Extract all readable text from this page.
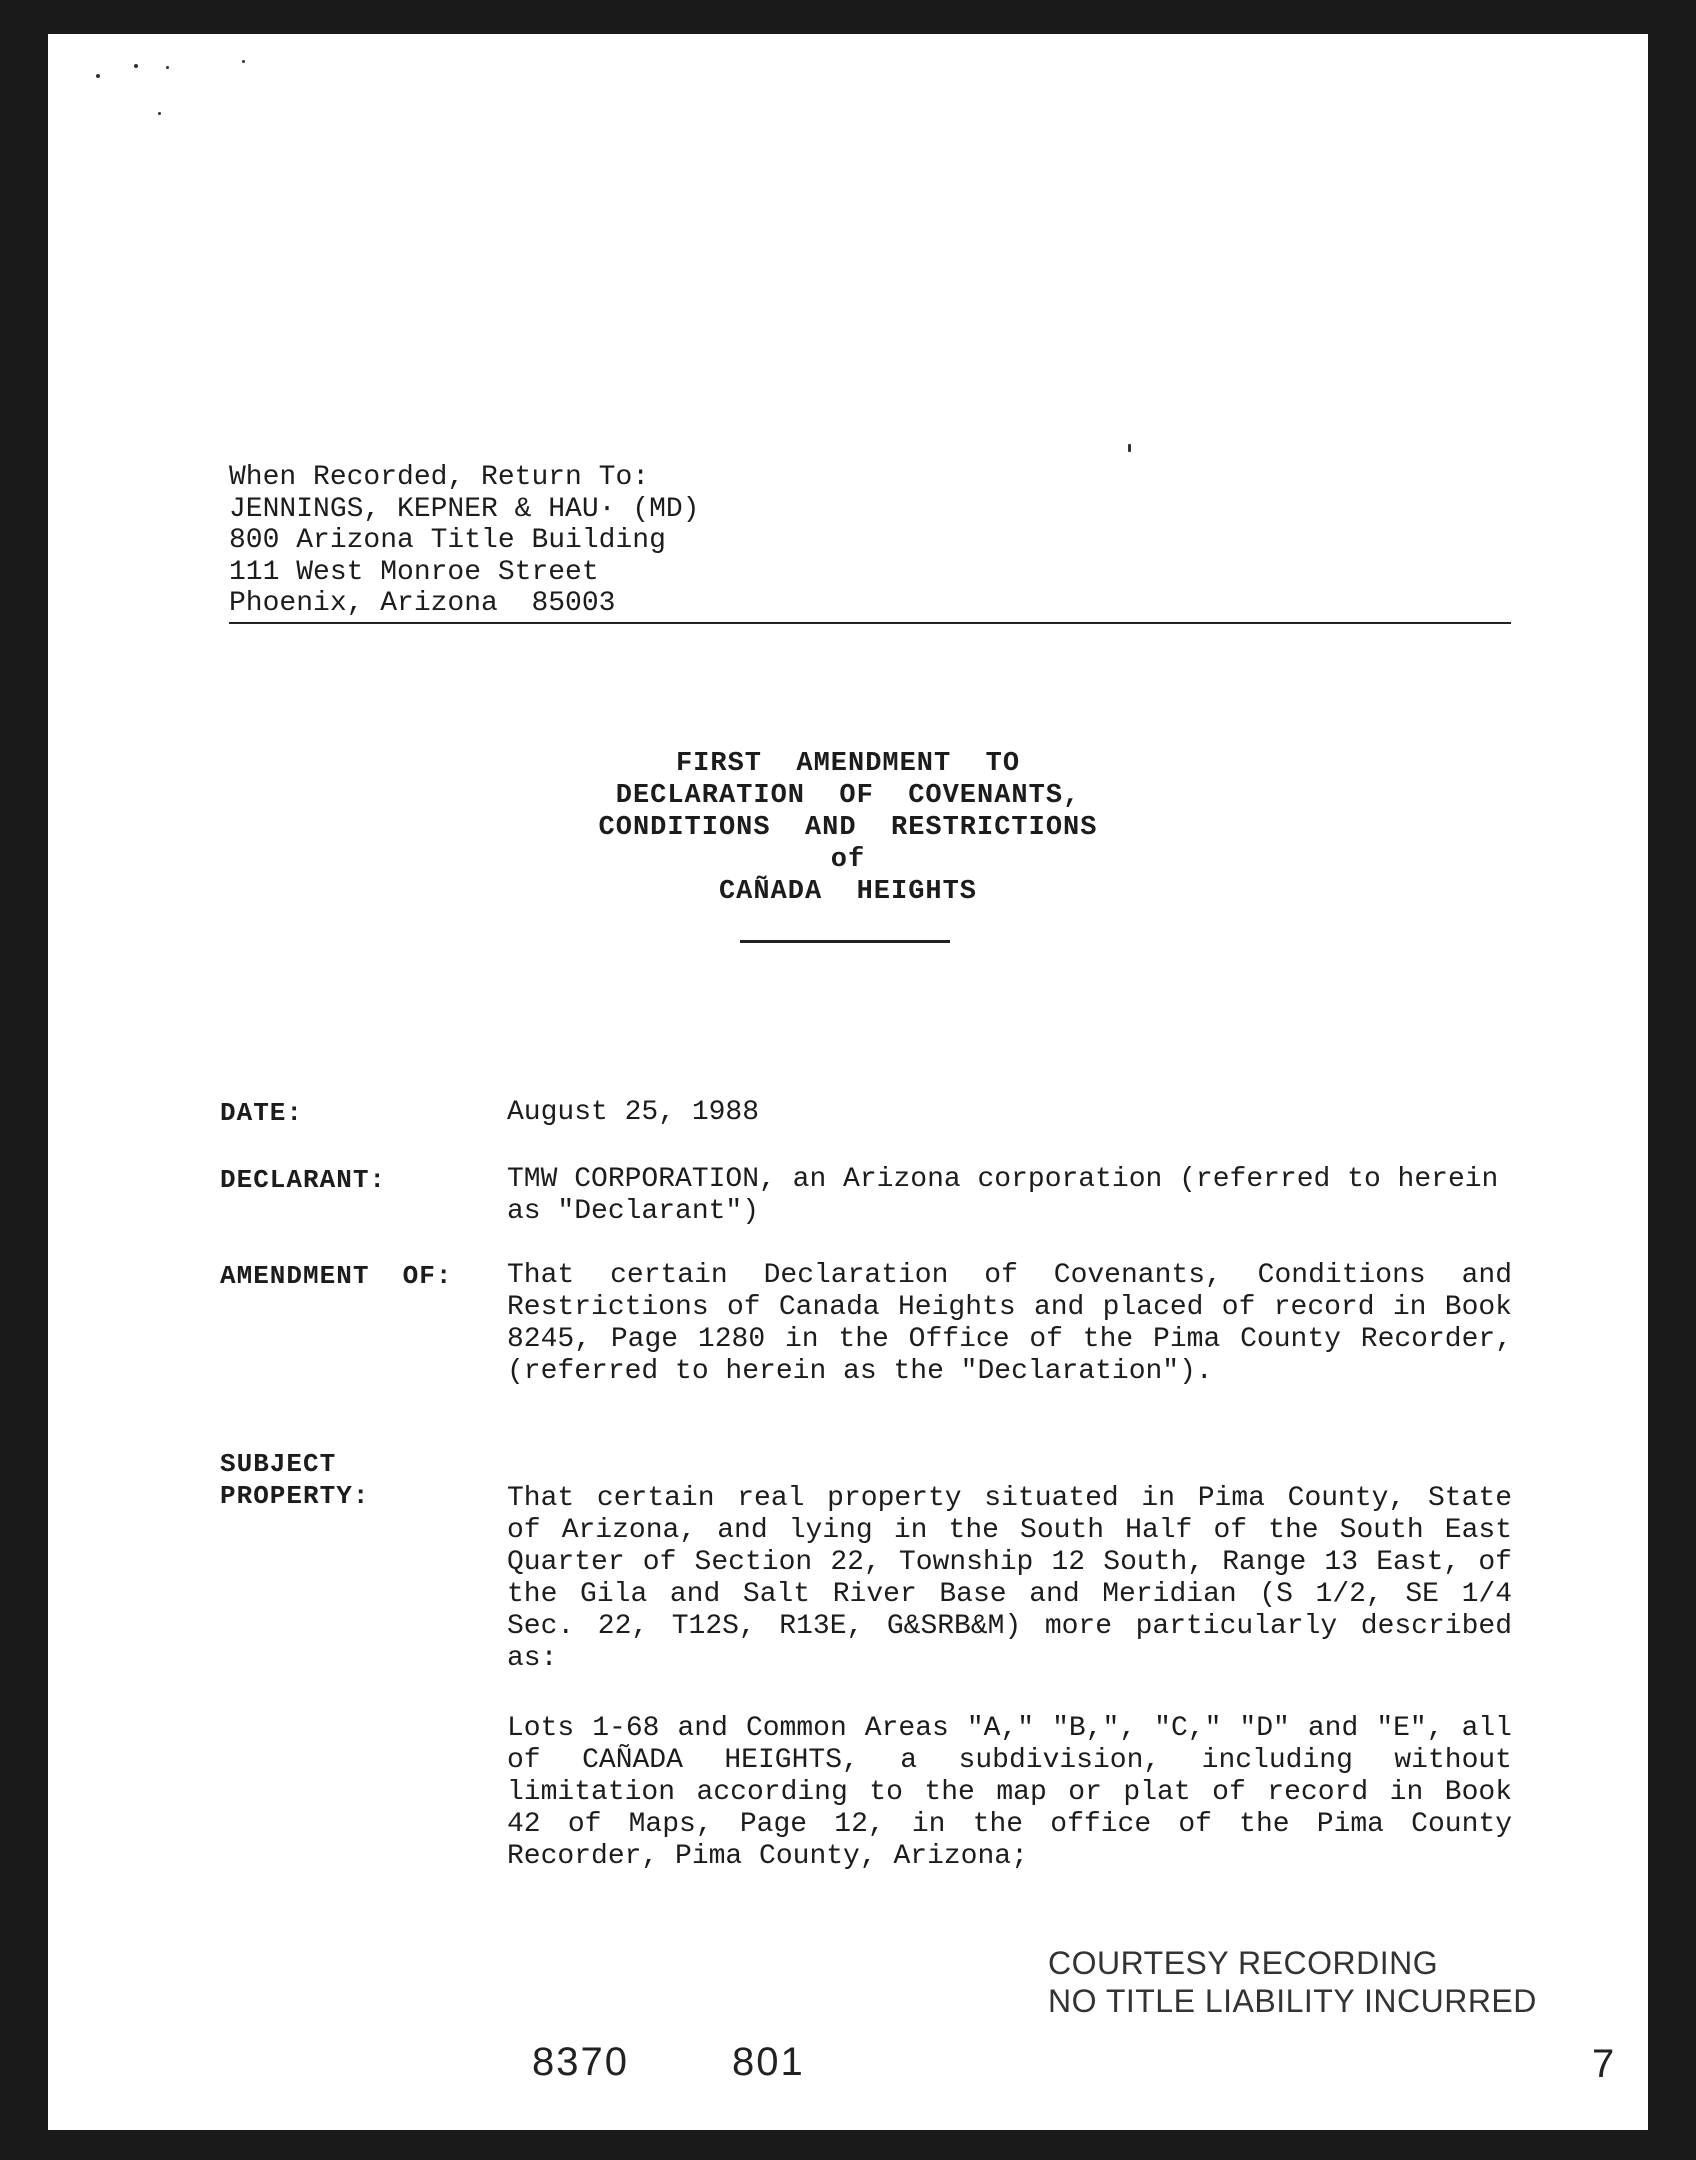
When Recorded, Return To:
JENNINGS, KEPNER & HAU∙ (MD)
800 Arizona Title Building
111 West Monroe Street
Phoenix, Arizona  85003
FIRST  AMENDMENT  TO
DECLARATION  OF  COVENANTS,
CONDITIONS  AND  RESTRICTIONS
of
CAÑADA  HEIGHTS
DATE:	August 25, 1988
DECLARANT:	TMW CORPORATION, an Arizona corporation (referred to herein as "Declarant")
AMENDMENT  OF: That certain Declaration of Covenants, Conditions and Restrictions of Canada Heights and placed of record in Book 8245, Page 1280 in the Office of the Pima County Recorder, (referred to herein as the "Declaration").
SUBJECT
PROPERTY:	That certain real property situated in Pima County, State of Arizona, and lying in the South Half of the South East Quarter of Section 22, Township 12 South, Range 13 East, of the Gila and Salt River Base and Meridian (S 1/2, SE 1/4 Sec. 22, T12S, R13E, G&SRB&M) more particularly described as:
Lots 1-68 and Common Areas "A," "B,", "C," "D" and "E", all of CAÑADA HEIGHTS, a subdivision, including without limitation according to the map or plat of record in Book 42 of Maps, Page 12, in the office of the Pima County Recorder, Pima County, Arizona;
COURTESY RECORDING
NO TITLE LIABILITY INCURRED
8370	801	7
